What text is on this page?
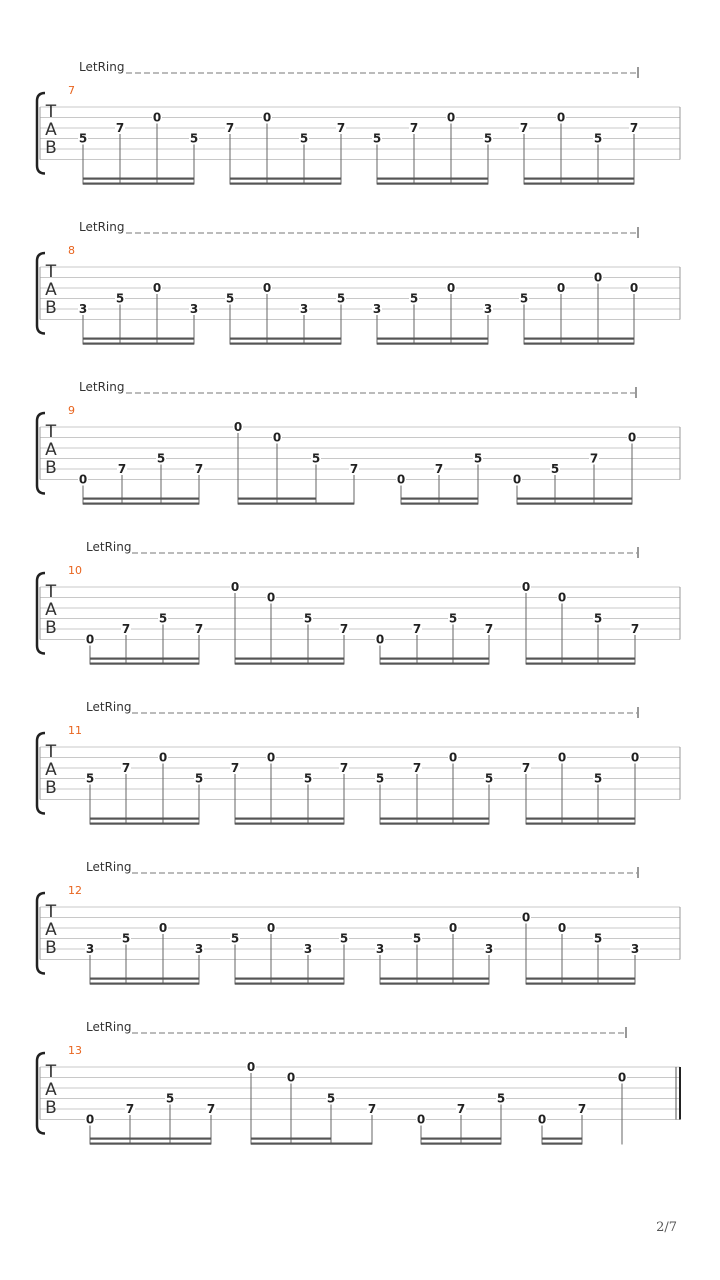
LetRing
7
T
A
B 5
7
0
5
7
0
5
7
5
7
0
5
7
0
5
7
LetRing
8
T
A
B 3
5
0
3
5
0
3
5
3
5
0
3
5
0
0
0
LetRing
9
T
A
B
0
7
5
7
0
0
5
7
0
7
5
0
5
7
0
LetRing
10
T
A
B
0
7
5
7
0
0
5
7
0
7
5
7
0
0
5
7
LetRing
11
T
A
B 5
7
0
5
7
0
5
7
5
7
0
5
7
0
5
0
LetRing
12
T
A
B 3
5
0
3
5
0
3
5
3
5
0
3
0
0
5
3
LetRing
13
T
A
B
0
7
5
7
0
0
5
7
0
7
5
0
7
0
2/7
